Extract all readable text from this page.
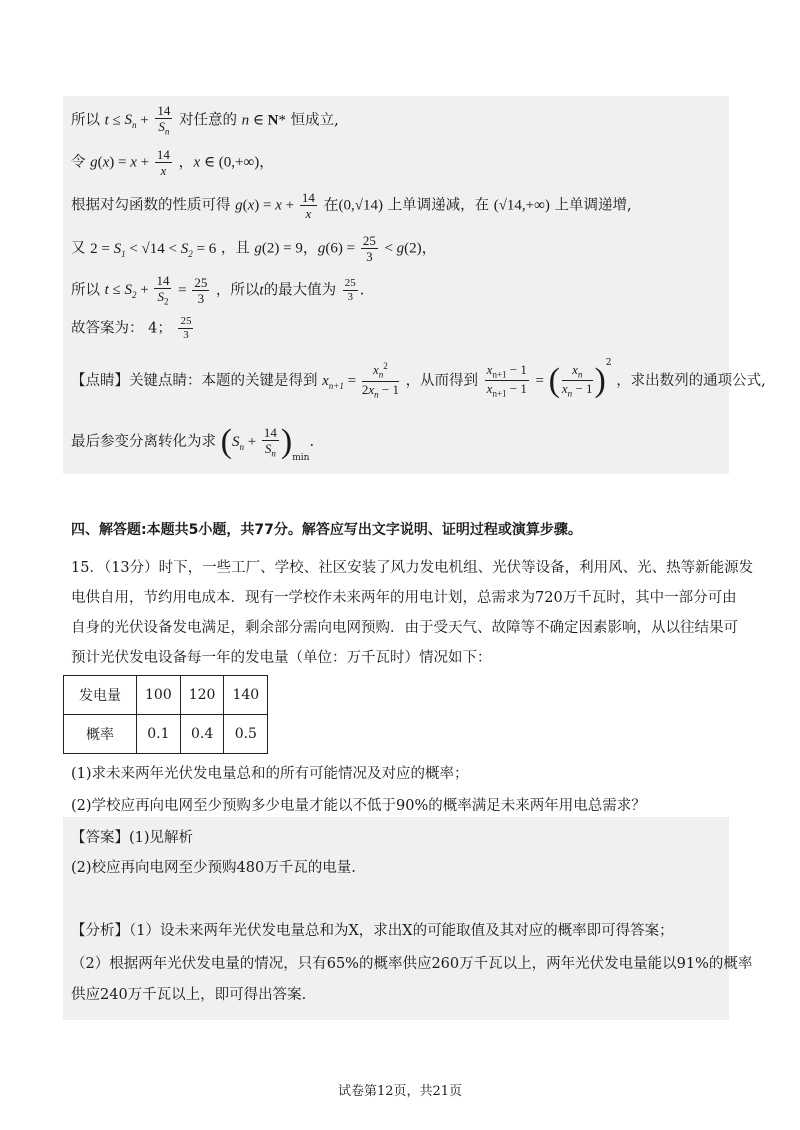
所以 $t \le S_n + \frac{14}{S_n}$ 对任意的 n ∈ N* 恒成立,
令 $g(x) = x + \frac{14}{x}$ ，x ∈ (0,+∞)，
根据对勾函数的性质可得 $g(x) = x + \frac{14}{x}$ 在(0,√14) 上单调递减，在 (√14,+∞) 上单调递增,
又 $2 = S_1 < √14 < S_2 = 6$ ，且 g(2) = 9，$g(6) = \frac{25}{3} < g(2)$，
所以 $t \le S_2 + \frac{14}{S_2} = \frac{25}{3}$ ，所以t的最大值为 $\frac{25}{3}$ .
故答案为： 4； $\frac{25}{3}$
【点睛】关键点睛：本题的关键是得到 $x_{n+1} = \frac{x_n^2}{2x_n - 1}$ ，从而得到 $\frac{x_{n+1} - 1}{x_{n+1} - 1}$ = ( $\frac{x_n}{x_n - 1} )^2$ ，求出数列的通项公式,
最后参变分离转化为求 $(S_n + \frac{14}{S_n} )_{min}$.
四、解答题:本题共5小题，共77分。解答应写出文字说明、证明过程或演算步骤。
15．（13分）时下，一些工厂、学校、社区安装了风力发电机组、光伏等设备，利用风、光、热等新能源发
电供自用，节约用电成本．现有一学校作未来两年的用电计划，总需求为720万千瓦时，其中一部分可由
自身的光伏设备发电满足，剩余部分需向电网预购．由于受天气、故障等不确定因素影响，从以往结果可
预计光伏发电设备每一年的发电量（单位：万千瓦时）情况如下：
发电量	100	120	140
概率	0.1	0.4	0.5
(1)求未来两年光伏发电量总和的所有可能情况及对应的概率；
(2)学校应再向电网至少预购多少电量才能以不低于90%的概率满足未来两年用电总需求？
【答案】(1)见解析
(2)校应再向电网至少预购480万千瓦的电量.
【分析】（1）设未来两年光伏发电量总和为X，求出X的可能取值及其对应的概率即可得答案；
（2）根据两年光伏发电量的情况，只有65%的概率供应260万千瓦以上，两年光伏发电量能以91%的概率
供应240万千瓦以上，即可得出答案.
试卷第12页，共21页
